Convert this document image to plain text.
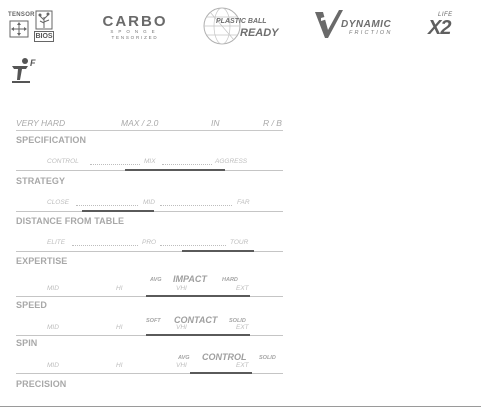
TENSOR
BIOS
CARBO
SPONGE
TENSORIZED
PLASTIC BALL
READY
DYNAMIC
FRICTION
LIFE
X2
F
VERY HARD	MAX / 2.0	IN	R / B
SPECIFICATION
CONTROL	MIX	AGGRESS
STRATEGY
CLOSE	MID	FAR
DISTANCE FROM TABLE
ELITE	PRO	TOUR
EXPERTISE
AVG IMPACT	HARD
MID	HI	VHI	EXT
SPEED
SOFT CONTACT SOLID
MID	HI	VHI	EXT
SPIN
AVG CONTROL SOLID
MID	HI	VHI	EXT
PRECISION
